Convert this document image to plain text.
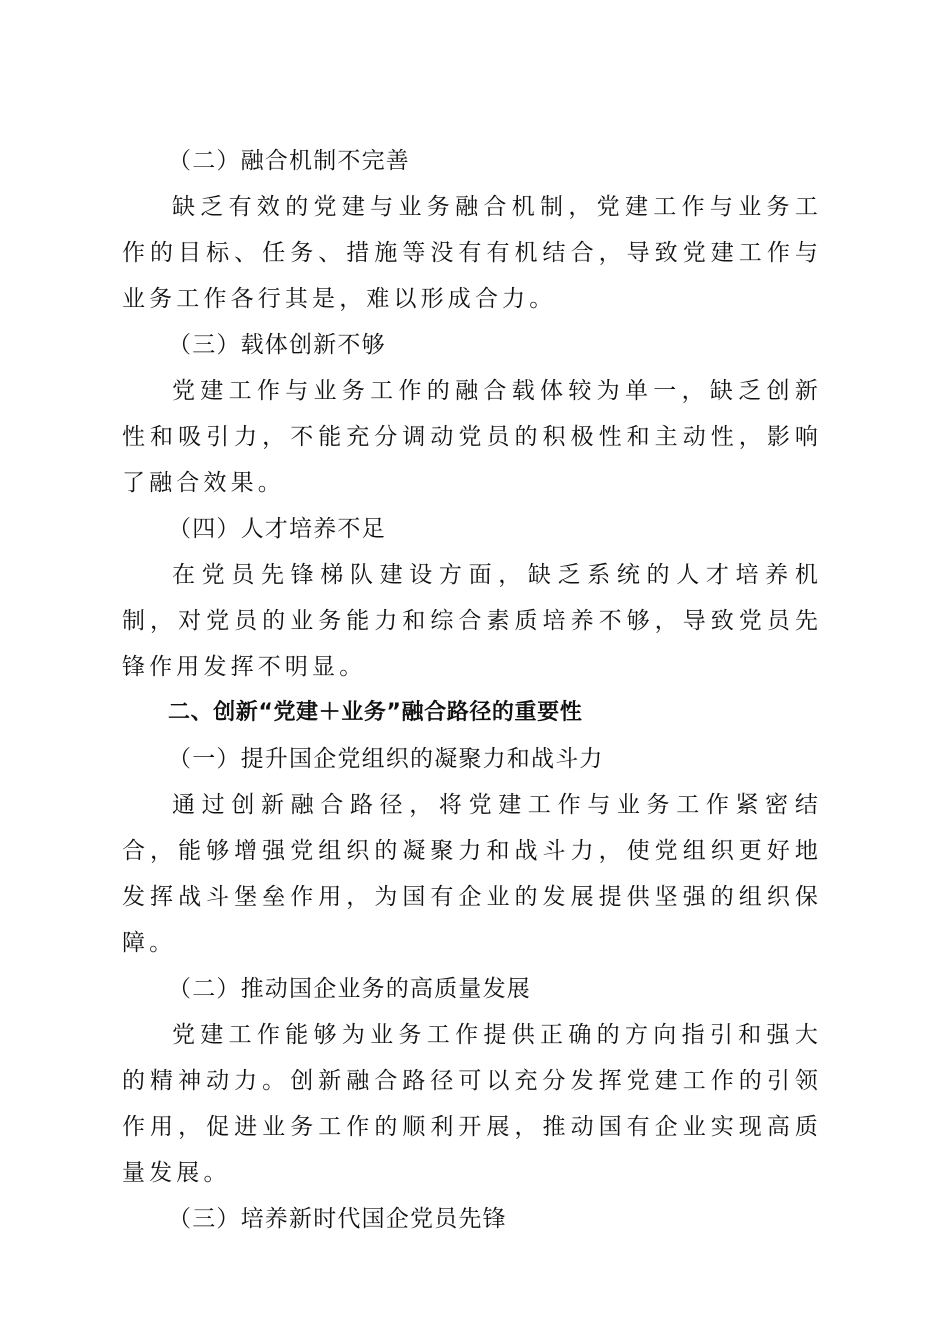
（二）融合机制不完善

缺乏有效的党建与业务融合机制，党建工作与业务工作的目标、任务、措施等没有有机结合，导致党建工作与业务工作各行其是，难以形成合力。

（三）载体创新不够

党建工作与业务工作的融合载体较为单一，缺乏创新性和吸引力，不能充分调动党员的积极性和主动性，影响了融合效果。

（四）人才培养不足

在党员先锋梯队建设方面，缺乏系统的人才培养机制，对党员的业务能力和综合素质培养不够，导致党员先锋作用发挥不明显。

二、创新“党建＋业务”融合路径的重要性
（一）提升国企党组织的凝聚力和战斗力

通过创新融合路径，将党建工作与业务工作紧密结合，能够增强党组织的凝聚力和战斗力，使党组织更好地发挥战斗堡垒作用，为国有企业的发展提供坚强的组织保障。

（二）推动国企业务的高质量发展

党建工作能够为业务工作提供正确的方向指引和强大的精神动力。创新融合路径可以充分发挥党建工作的引领作用，促进业务工作的顺利开展，推动国有企业实现高质量发展。

（三）培养新时代国企党员先锋
